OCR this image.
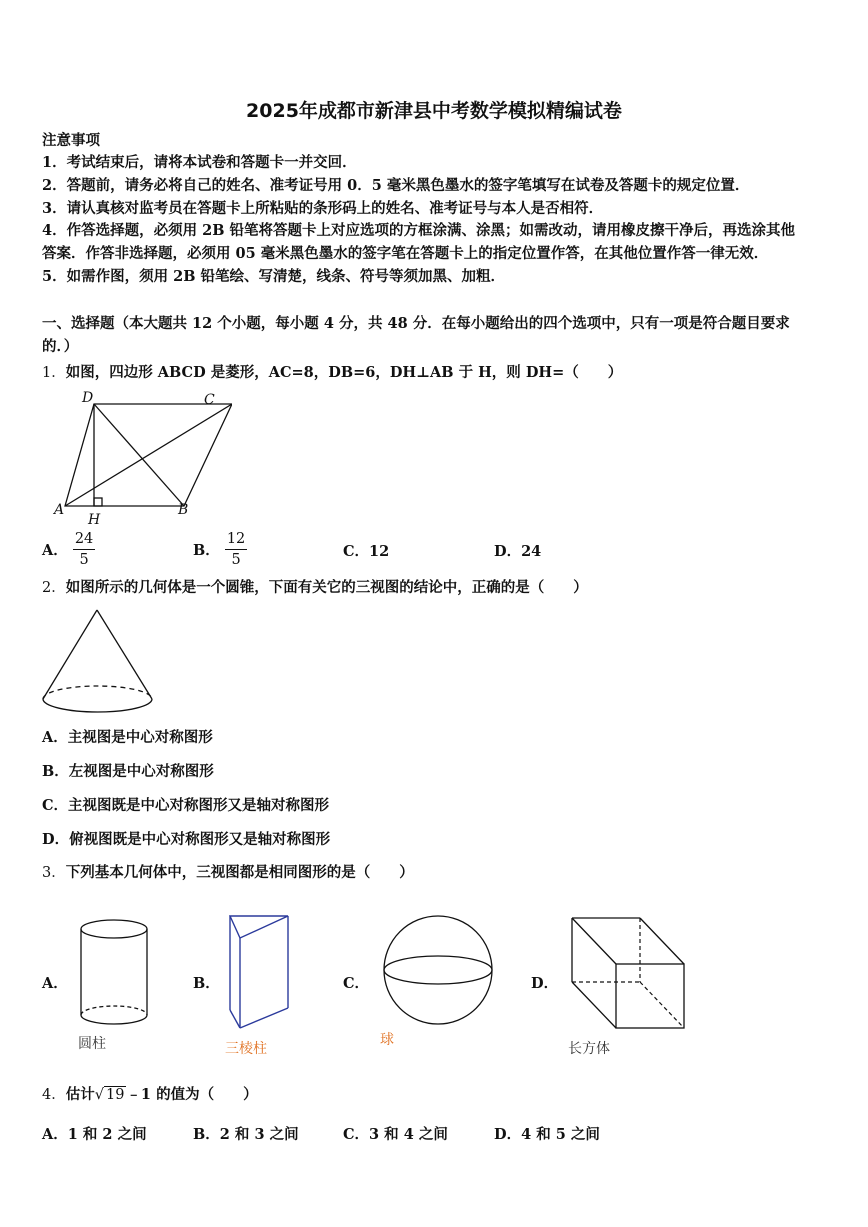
2025年成都市新津县中考数学模拟精编试卷
注意事项
1．考试结束后，请将本试卷和答题卡一并交回．
2．答题前，请务必将自己的姓名、准考证号用 0．5 毫米黑色墨水的签字笔填写在试卷及答题卡的规定位置．
3．请认真核对监考员在答题卡上所粘贴的条形码上的姓名、准考证号与本人是否相符．
4．作答选择题，必须用 2B 铅笔将答题卡上对应选项的方框涂满、涂黑；如需改动，请用橡皮擦干净后，再选涂其他
答案．作答非选择题，必须用 05 毫米黑色墨水的签字笔在答题卡上的指定位置作答，在其他位置作答一律无效．
5．如需作图，须用 2B 铅笔绘、写清楚，线条、符号等须加黑、加粗．
一、选择题（本大题共 12 个小题，每小题 4 分，共 48 分．在每小题给出的四个选项中，只有一项是符合题目要求
的．）
1．如图，四边形 ABCD 是菱形，AC=8，DB=6，DH⊥AB 于 H，则 DH=（　　）
A
D	C
B
H
A． $\frac{24}{5}$	B． $\frac{12}{5}$	C．12	D．24
2．如图所示的几何体是一个圆锥，下面有关它的三视图的结论中，正确的是（　　）
A．主视图是中心对称图形
B．左视图是中心对称图形
C．主视图既是中心对称图形又是轴对称图形
D．俯视图既是中心对称图形又是轴对称图形
3．下列基本几何体中，三视图都是相同图形的是（　　）
A．
圆柱
B．
三棱柱
C．
球
D．
长方体
4．估计√ 19 ﹣1 的值为（　　）
A．1 和 2 之间	B．2 和 3 之间	C．3 和 4 之间	D．4 和 5 之间
